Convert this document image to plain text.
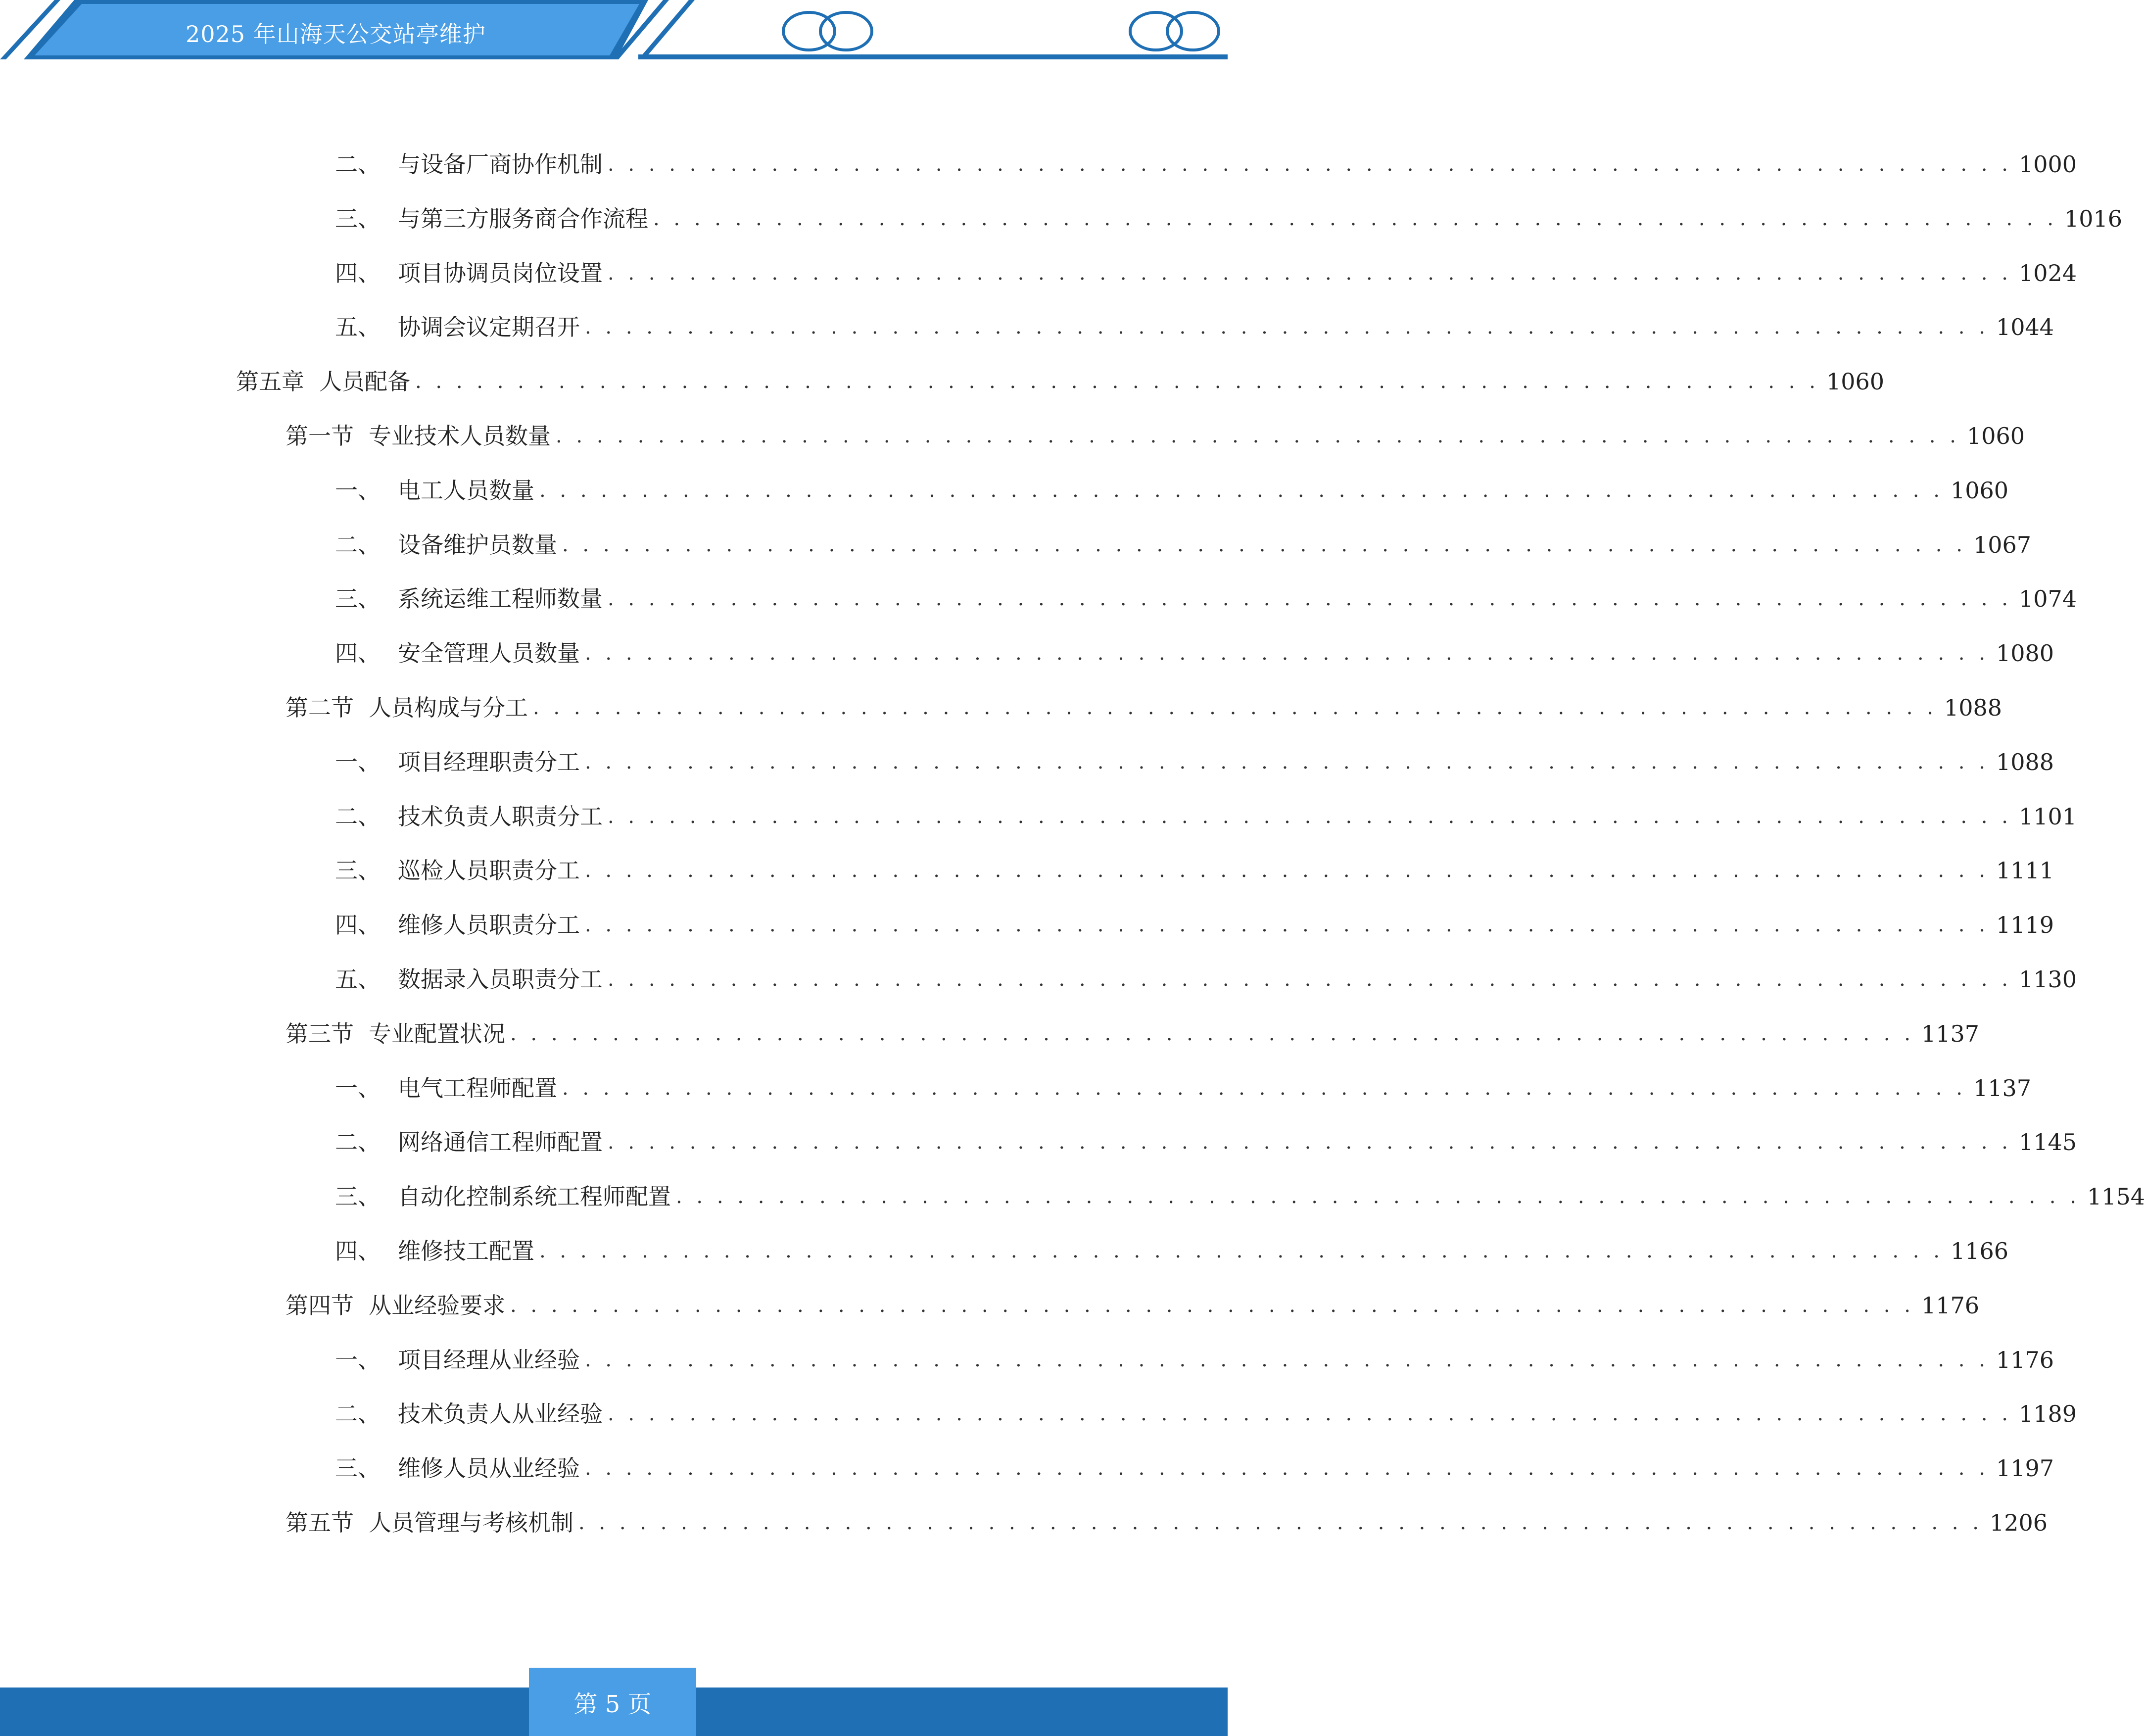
2025 年山海天公交站亭维护
二、 与设备厂商协作机制 . . . . . . . . . . . . . . . . . . . . . . . . . . . . . . . . . . . . . . . . . . . . . . . . . . . . . . . . . . . . . . . . . . . . . 1000
三、 与第三方服务商合作流程 . . . . . . . . . . . . . . . . . . . . . . . . . . . . . . . . . . . . . . . . . . . . . . . . . . . . . . . . . . . . . . . . . . . . . 1016
四、 项目协调员岗位设置 . . . . . . . . . . . . . . . . . . . . . . . . . . . . . . . . . . . . . . . . . . . . . . . . . . . . . . . . . . . . . . . . . . . . . 1024
五、 协调会议定期召开 . . . . . . . . . . . . . . . . . . . . . . . . . . . . . . . . . . . . . . . . . . . . . . . . . . . . . . . . . . . . . . . . . . . . . 1044
第五章 人员配备 . . . . . . . . . . . . . . . . . . . . . . . . . . . . . . . . . . . . . . . . . . . . . . . . . . . . . . . . . . . . . . . . . . . . . 1060
第一节 专业技术人员数量 . . . . . . . . . . . . . . . . . . . . . . . . . . . . . . . . . . . . . . . . . . . . . . . . . . . . . . . . . . . . . . . . . . . . . 1060
一、 电工人员数量 . . . . . . . . . . . . . . . . . . . . . . . . . . . . . . . . . . . . . . . . . . . . . . . . . . . . . . . . . . . . . . . . . . . . . 1060
二、 设备维护员数量 . . . . . . . . . . . . . . . . . . . . . . . . . . . . . . . . . . . . . . . . . . . . . . . . . . . . . . . . . . . . . . . . . . . . . 1067
三、 系统运维工程师数量 . . . . . . . . . . . . . . . . . . . . . . . . . . . . . . . . . . . . . . . . . . . . . . . . . . . . . . . . . . . . . . . . . . . . . 1074
四、 安全管理人员数量 . . . . . . . . . . . . . . . . . . . . . . . . . . . . . . . . . . . . . . . . . . . . . . . . . . . . . . . . . . . . . . . . . . . . . 1080
第二节 人员构成与分工 . . . . . . . . . . . . . . . . . . . . . . . . . . . . . . . . . . . . . . . . . . . . . . . . . . . . . . . . . . . . . . . . . . . . . 1088
一、 项目经理职责分工 . . . . . . . . . . . . . . . . . . . . . . . . . . . . . . . . . . . . . . . . . . . . . . . . . . . . . . . . . . . . . . . . . . . . . 1088
二、 技术负责人职责分工 . . . . . . . . . . . . . . . . . . . . . . . . . . . . . . . . . . . . . . . . . . . . . . . . . . . . . . . . . . . . . . . . . . . . . 1101
三、 巡检人员职责分工 . . . . . . . . . . . . . . . . . . . . . . . . . . . . . . . . . . . . . . . . . . . . . . . . . . . . . . . . . . . . . . . . . . . . . 1111
四、 维修人员职责分工 . . . . . . . . . . . . . . . . . . . . . . . . . . . . . . . . . . . . . . . . . . . . . . . . . . . . . . . . . . . . . . . . . . . . . 1119
五、 数据录入员职责分工 . . . . . . . . . . . . . . . . . . . . . . . . . . . . . . . . . . . . . . . . . . . . . . . . . . . . . . . . . . . . . . . . . . . . . 1130
第三节 专业配置状况 . . . . . . . . . . . . . . . . . . . . . . . . . . . . . . . . . . . . . . . . . . . . . . . . . . . . . . . . . . . . . . . . . . . . . 1137
一、 电气工程师配置 . . . . . . . . . . . . . . . . . . . . . . . . . . . . . . . . . . . . . . . . . . . . . . . . . . . . . . . . . . . . . . . . . . . . . 1137
二、 网络通信工程师配置 . . . . . . . . . . . . . . . . . . . . . . . . . . . . . . . . . . . . . . . . . . . . . . . . . . . . . . . . . . . . . . . . . . . . . 1145
三、 自动化控制系统工程师配置 . . . . . . . . . . . . . . . . . . . . . . . . . . . . . . . . . . . . . . . . . . . . . . . . . . . . . . . . . . . . . . . . . . . . . 1154
四、 维修技工配置 . . . . . . . . . . . . . . . . . . . . . . . . . . . . . . . . . . . . . . . . . . . . . . . . . . . . . . . . . . . . . . . . . . . . . 1166
第四节 从业经验要求 . . . . . . . . . . . . . . . . . . . . . . . . . . . . . . . . . . . . . . . . . . . . . . . . . . . . . . . . . . . . . . . . . . . . . 1176
一、 项目经理从业经验 . . . . . . . . . . . . . . . . . . . . . . . . . . . . . . . . . . . . . . . . . . . . . . . . . . . . . . . . . . . . . . . . . . . . . 1176
二、 技术负责人从业经验 . . . . . . . . . . . . . . . . . . . . . . . . . . . . . . . . . . . . . . . . . . . . . . . . . . . . . . . . . . . . . . . . . . . . . 1189
三、 维修人员从业经验 . . . . . . . . . . . . . . . . . . . . . . . . . . . . . . . . . . . . . . . . . . . . . . . . . . . . . . . . . . . . . . . . . . . . . 1197
第五节 人员管理与考核机制 . . . . . . . . . . . . . . . . . . . . . . . . . . . . . . . . . . . . . . . . . . . . . . . . . . . . . . . . . . . . . . . . . . . . . 1206
第 5 页
